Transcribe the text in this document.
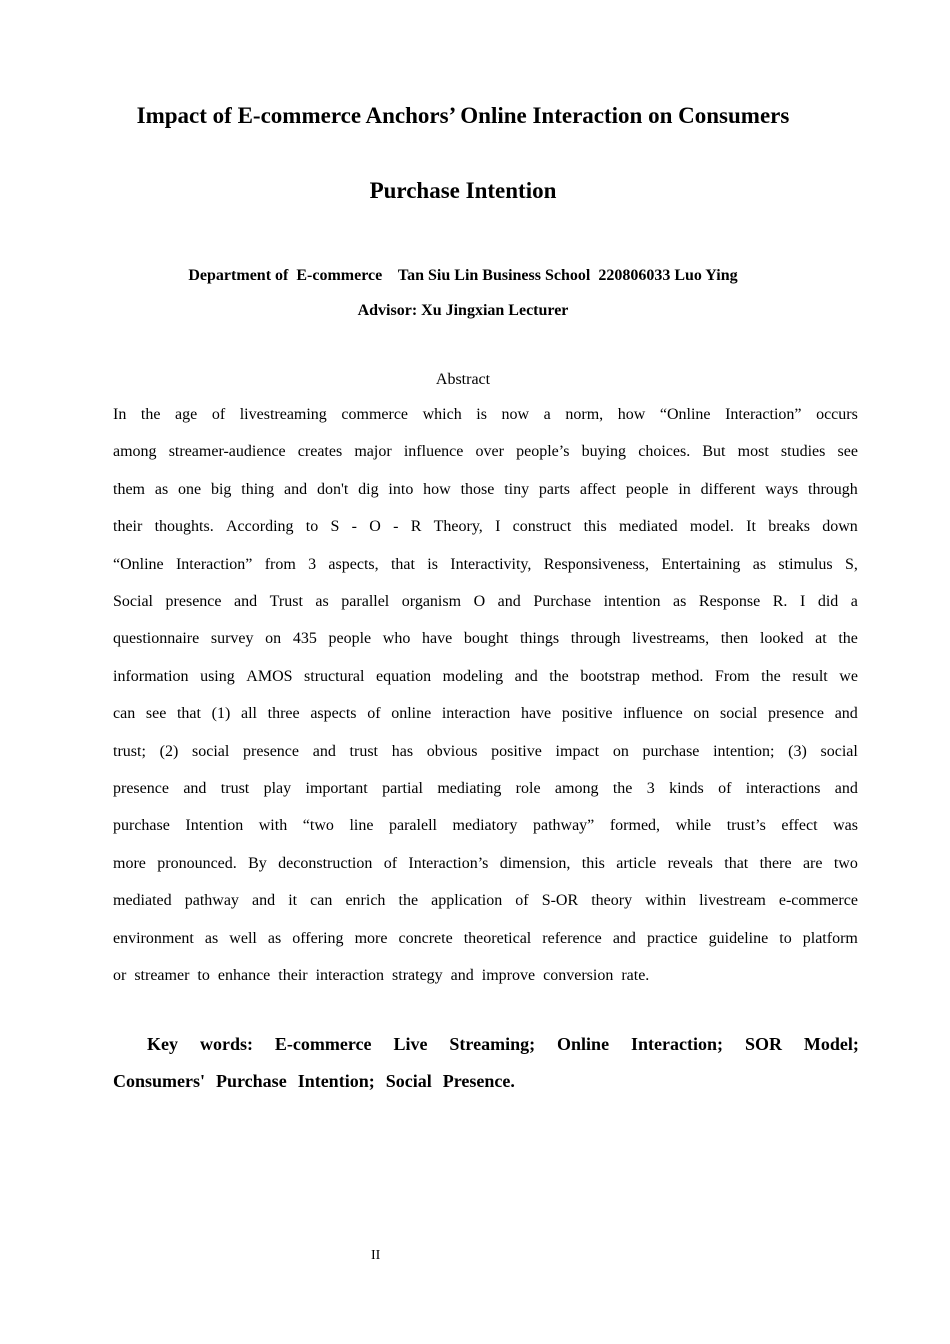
Impact of E-commerce Anchors’ Online Interaction on Consumers
Purchase Intention
Department of  E-commerce    Tan Siu Lin Business School  220806033 Luo Ying
Advisor: Xu Jingxian Lecturer
Abstract
In the age of livestreaming commerce which is now a norm, how “Online Interaction” occurs
among streamer-audience creates major influence over people’s buying choices. But most studies see
them as one big thing and don't dig into how those tiny parts affect people in different ways through
their thoughts. According to S - O - R Theory, I construct this mediated model. It breaks down
“Online Interaction” from 3 aspects, that is Interactivity, Responsiveness, Entertaining as stimulus S,
Social presence and Trust as parallel organism O and Purchase intention as Response R. I did a
questionnaire survey on 435 people who have bought things through livestreams, then looked at the
information using AMOS structural equation modeling and the bootstrap method. From the result we
can see that (1) all three aspects of online interaction have positive influence on social presence and
trust; (2) social presence and trust has obvious positive impact on purchase intention; (3) social
presence and trust play important partial mediating role among the 3 kinds of interactions and
purchase Intention with “two line paralell mediatory pathway” formed, while trust’s effect was
more pronounced. By deconstruction of Interaction’s dimension, this article reveals that there are two
mediated pathway and it can enrich the application of S-OR theory within livestream e-commerce
environment as well as offering more concrete theoretical reference and practice guideline to platform
or streamer to enhance their interaction strategy and improve conversion rate.
Key words: E-commerce Live Streaming; Online Interaction; SOR Model;
Consumers' Purchase Intention; Social Presence.
II
